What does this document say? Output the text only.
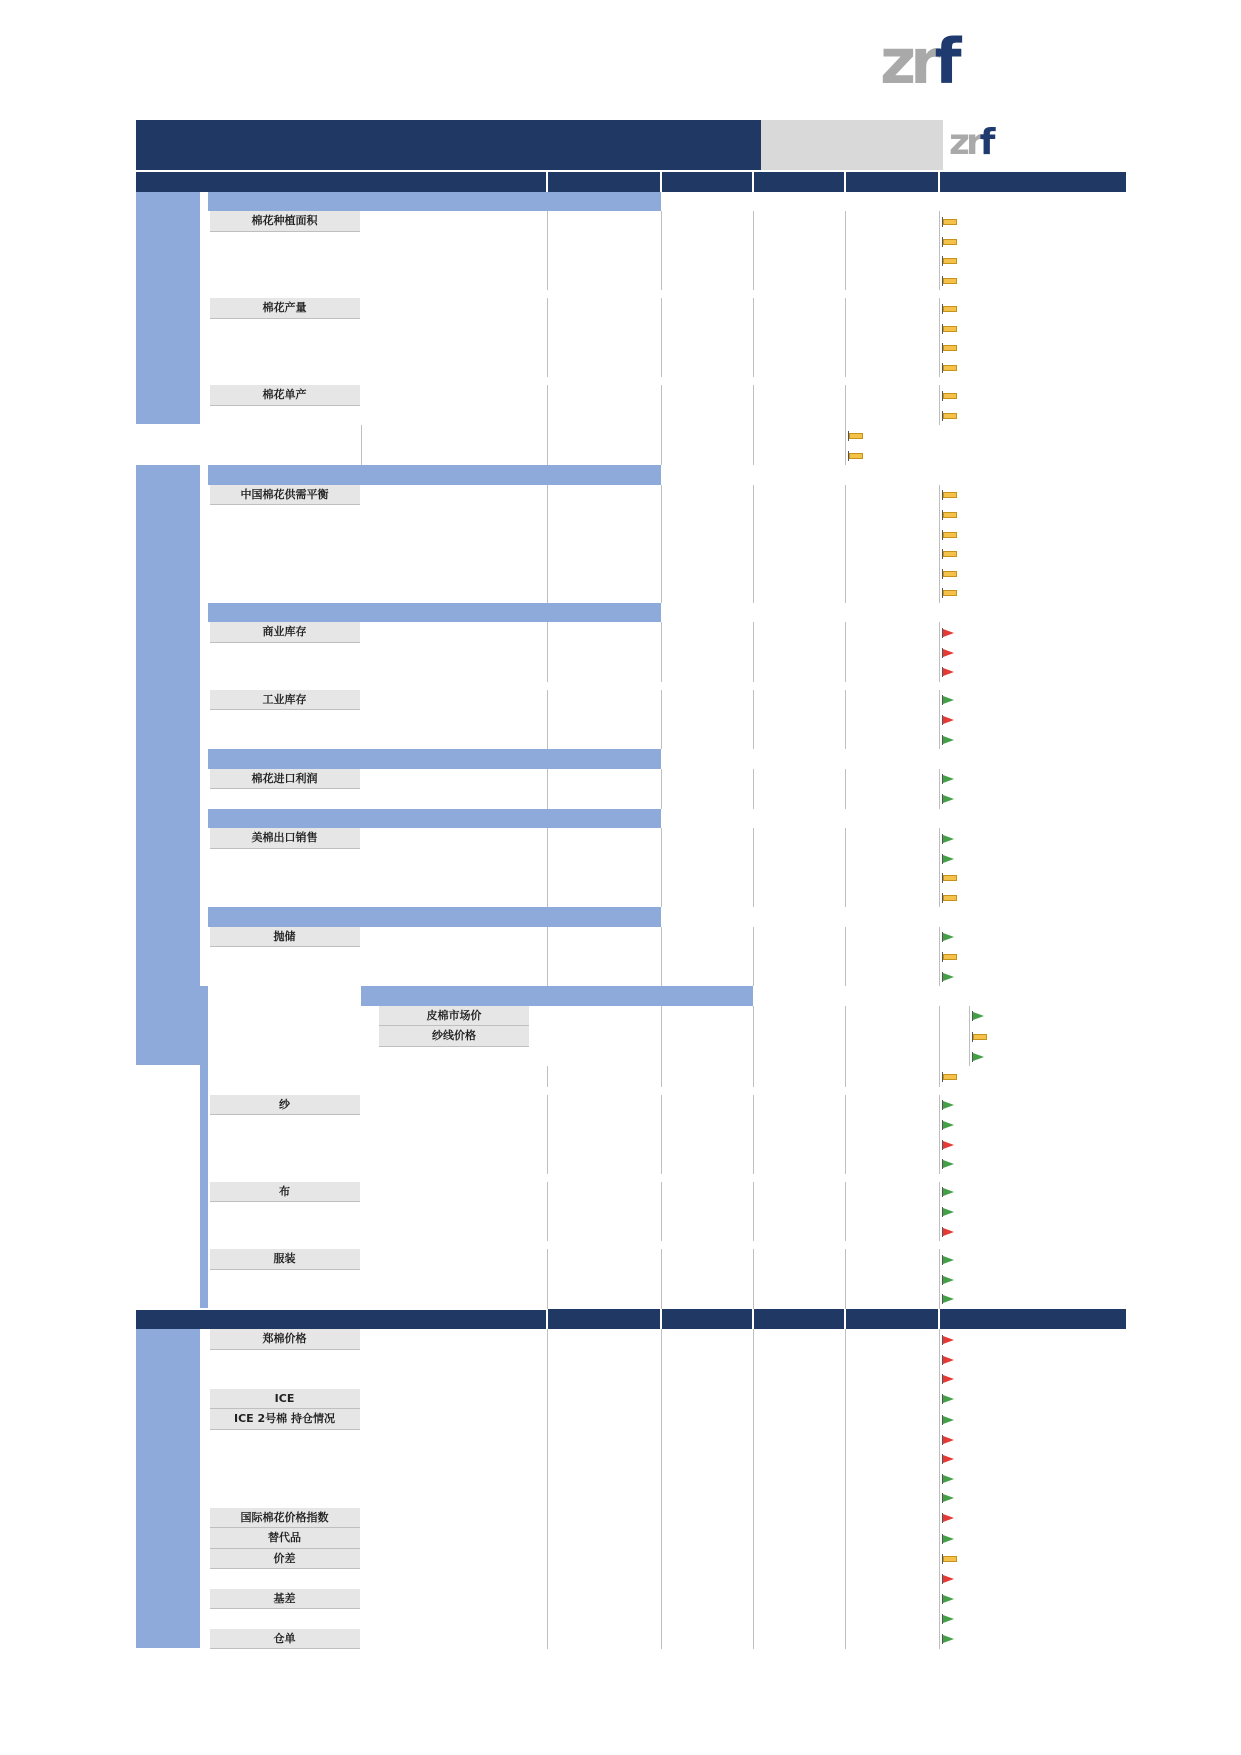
zrf
zrf

		棉花种植面积								

		棉花产量								

		棉花单产								

		中国棉花供需平衡								

		商业库存								

		工业库存								

		棉花进口利润								

		美棉出口销售								

		抛储								

			皮棉市场价							
			纱线价格							

		纱								

		布								

		服装								

		郑棉价格								

		ICE								
		ICE 2号棉 持仓情况								

		国际棉花价格指数								
		替代品								
		价差								

		基差								

		仓单								
